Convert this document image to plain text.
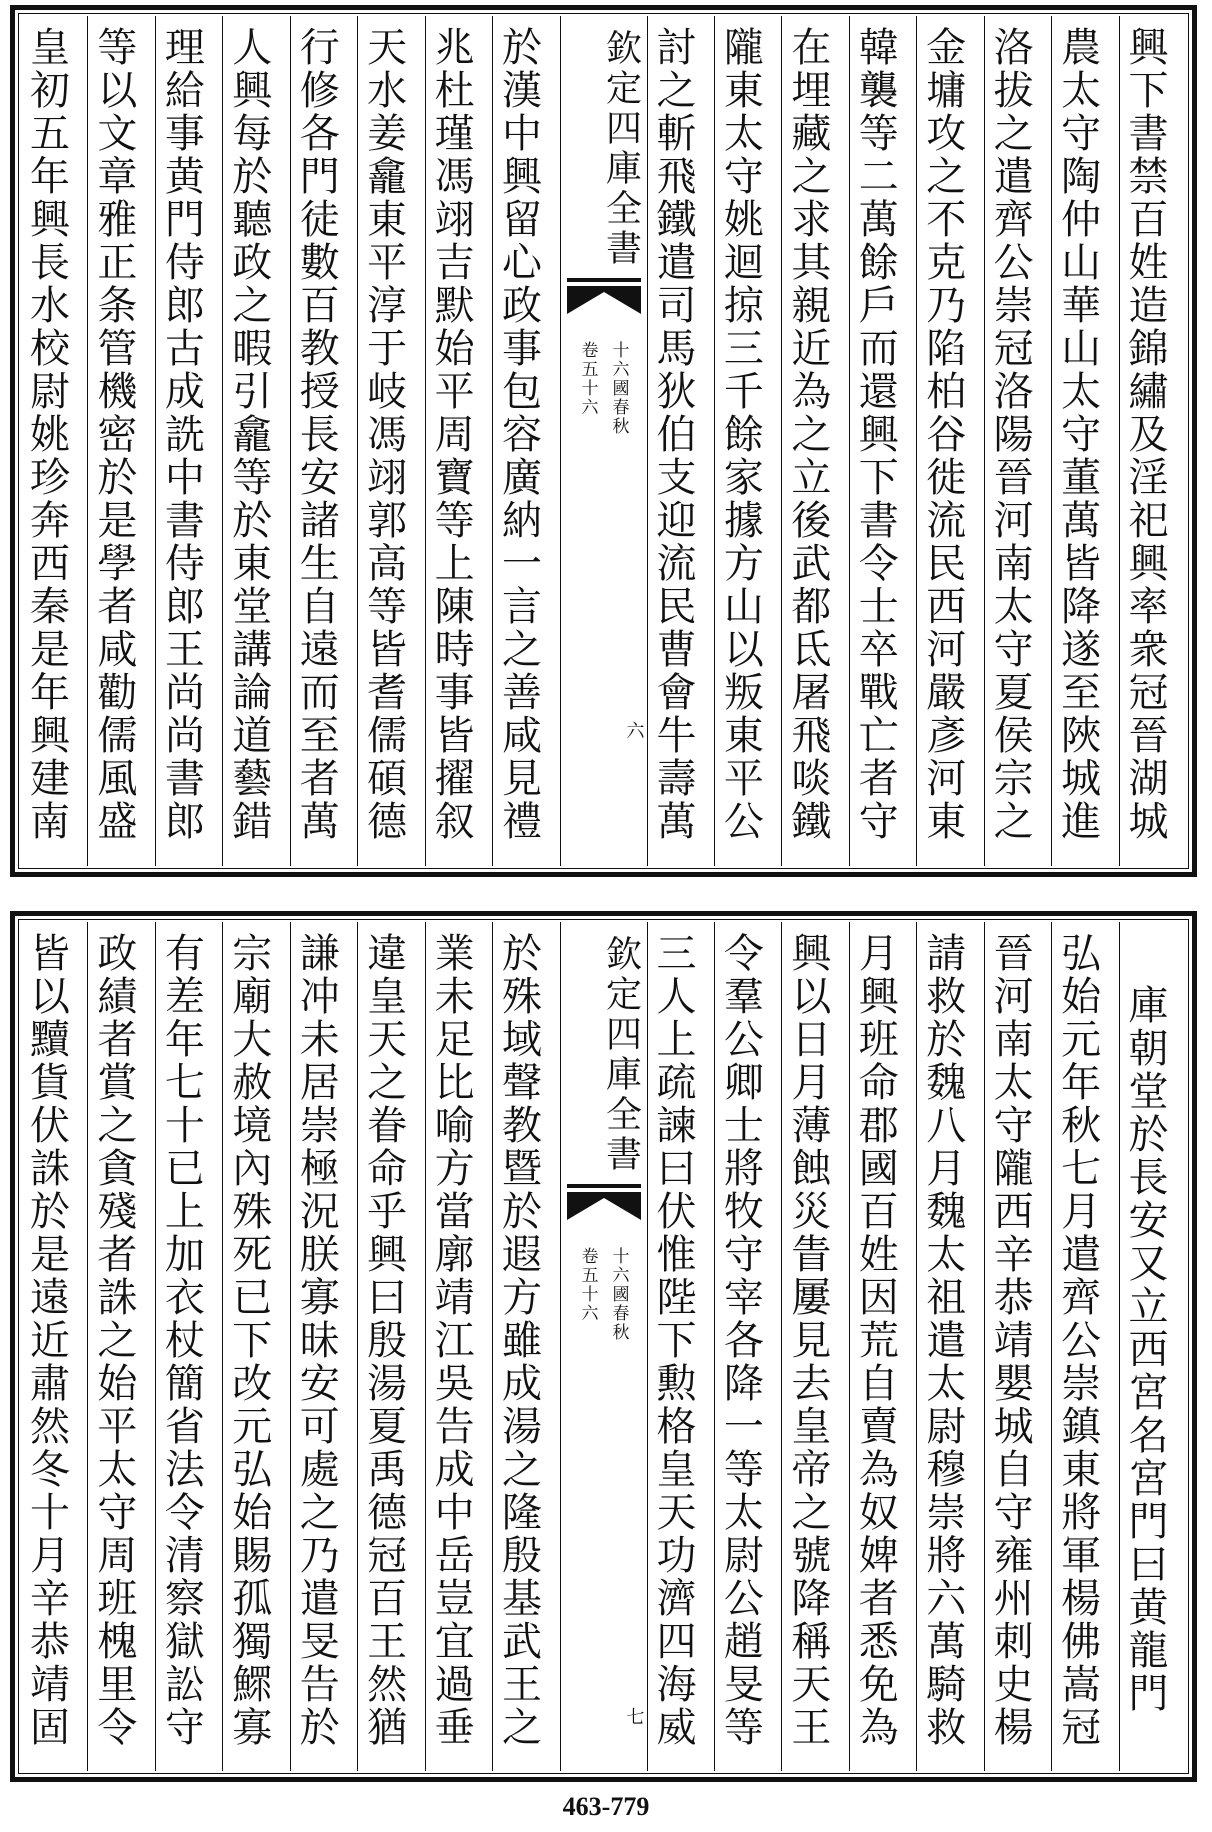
興下書禁百姓造錦繡及淫祀興率衆冠晉湖城
農太守陶仲山華山太守董萬皆降遂至陜城進
洛拔之遣齊公崇冠洛陽晉河南太守夏侯宗之
金墉攻之不克乃陷柏谷徙流民西河嚴彥河東
韓襲等二萬餘戶而還興下書令士卒戰亡者守
在埋藏之求其親近為之立後武都氐屠飛啖鐵
隴東太守姚迴掠三千餘家據方山以叛東平公
討之斬飛鐵遣司馬狄伯支迎流民曹會牛壽萬
欽定四庫全書
十六國春秋
卷五十六
六
於漢中興留心政事包容廣納一言之善咸見禮
兆杜瑾馮翊吉默始平周寶等上陳時事皆擢叙
天水姜龕東平淳于岐馮翊郭高等皆耆儒碩德
行修各門徒數百教授長安諸生自遠而至者萬
人興每於聽政之暇引龕等於東堂講論道藝錯
理給事黄門侍郎古成詵中書侍郎王尚尚書郎
等以文章雅正条管機密於是學者咸勸儒風盛
皇初五年興長水校尉姚珍奔西秦是年興建南
庫朝堂於長安又立西宮名宮門曰黄龍門
弘始元年秋七月遣齊公崇鎮東將軍楊佛嵩冠
晉河南太守隴西辛恭靖嬰城自守雍州刺史楊
請救於魏八月魏太祖遣太尉穆崇將六萬騎救
月興班命郡國百姓因荒自賣為奴婢者悉免為
興以日月薄蝕災眚屢見去皇帝之號降稱天王
令羣公卿士將牧守宰各降一等太尉公趙旻等
三人上疏諫曰伏惟陛下勲格皇天功濟四海威
欽定四庫全書
十六國春秋
卷五十六
七
於殊域聲教暨於遐方雖成湯之隆殷基武王之
業未足比喻方當廓靖江吳告成中岳豈宜過垂
違皇天之眷命乎興曰殷湯夏禹德冠百王然猶
謙冲未居崇極況朕寡昧安可處之乃遣旻告於
宗廟大赦境內殊死已下改元弘始賜孤獨鰥寡
有差年七十已上加衣杖簡省法令清察獄訟守
政績者賞之貪殘者誅之始平太守周班槐里令
皆以黷貨伏誅於是遠近肅然冬十月辛恭靖固
463-779
